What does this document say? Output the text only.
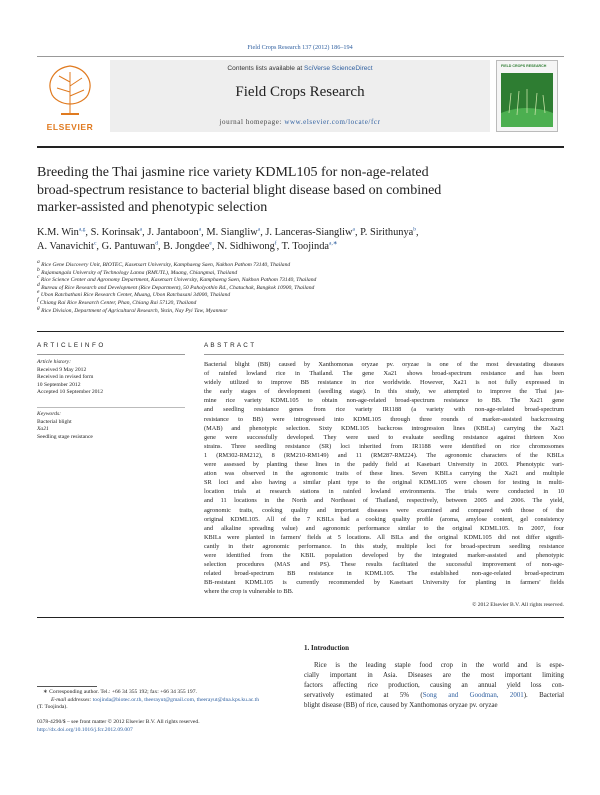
Field Crops Research 137 (2012) 186–194
ELSEVIER
Contents lists available at SciVerse ScienceDirect
Field Crops Research
journal homepage: www.elsevier.com/locate/fcr
FIELD CROPS RESEARCH
Breeding the Thai jasmine rice variety KDML105 for non-age-related
broad-spectrum resistance to bacterial blight disease based on combined
marker-assisted and phenotypic selection
K.M. Win$^{a,g}$, S. Korinsak$^a$, J. Jantaboon$^a$, M. Siangliw$^a$, J. Lanceras-Siangliw$^a$, P. Sirithunya$^b$,
A. Vanavichit$^c$, G. Pantuwan$^d$, B. Jongdee$^e$, N. Sidhiwong$^f$, T. Toojinda$^{a,∗}$
$^a$ Rice Gene Discovery Unit, BIOTEC, Kasetsart University, Kamphaeng Saen, Nakhon Pathom 73140, Thailand
$^b$ Rajamangala University of Technology Lanna (RMUTL), Muang, Chiangmai, Thailand
$^c$ Rice Science Center and Agronomy Department, Kasetsart University, Kamphaeng Saen, Nakhon Pathom 73140, Thailand
$^d$ Bureau of Rice Research and Development (Rice Department), 50 Paholyothin Rd., Chatuchak, Bangkok 10900, Thailand
$^e$ Ubon Ratchathani Rice Research Center, Muang, Ubon Ratchasani 34000, Thailand
$^f$ Chiang Rai Rice Research Center, Phan, Chiang Rai 57120, Thailand
$^g$ Rice Division, Department of Agricultural Research, Yezin, Nay Pyi Taw, Myanmar
A R T I C L E I N F O
Article history:
Received 9 May 2012
Received in revised form
10 September 2012
Accepted 10 September 2012
Keywords:
Bacterial blight
Xa21
Seedling stage resistance
A B S T R A C T
Bacterial blight (BB) caused by Xanthomonas oryzae pv. oryzae is one of the most devastating diseases
of rainfed lowland rice in Thailand. The gene Xa21 shows broad-spectrum resistance and has been
widely utilized to improve BB resistance in rice worldwide. However, Xa21 is not fully expressed in
the early stages of development (seedling stage). In this study, we attempted to improve the Thai jas-
mine rice variety KDML105 to obtain non-age-related broad-spectrum resistance to BB. The Xa21 gene
and seedling resistance genes from rice variety IR1188 (a variety with non-age-related broad-spectrum
resistance to BB) were introgressed into KDML105 through three rounds of marker-assisted backcrossing
(MAB) and phenotypic selection. Sixty KDML105 backcross introgression lines (KBILs) carrying the Xa21
gene were successfully developed. They were used to evaluate seedling resistance against thirteen Xoo
strains. Three seedling resistance (SR) loci inherited from IR1188 were identified on rice chromosomes
1 (RM302-RM212), 8 (RM210-RM149) and 11 (RM287-RM224). The agronomic characters of the KBILs
were assessed by planting these lines in the paddy field at Kasetsart University in 2003. Phenotypic vari-
ation was observed in the agronomic traits of these lines. Seven KBILs carrying the Xa21 and multiple
SR loci and also having a similar plant type to the original KDML105 were chosen for testing in multi-
location trials at research stations in rainfed lowland environments. The trials were conducted in 10
and 11 locations in the North and Northeast of Thailand, respectively, between 2005 and 2006. The yield,
agronomic traits, cooking quality and important diseases were examined and compared with those of the
original KDML105. All of the 7 KBILs had a cooking quality profile (aroma, amylose content, gel consistency
and alkaline spreading value) and agronomic performance similar to the original KDML105. In 2007, four
KBILs were planted in farmers' fields at 5 locations. All BILs and the original KDML105 did not differ signifi-
cantly in their agronomic performance. In this study, multiple loci for broad-spectrum seedling resistance
were identified from the KBIL population developed by the integrated marker-assisted and phenotypic
selection procedures (MAS and PS). These results facilitated the successful improvement of non-age-
related broad-spectrum BB resistance in KDML105. The established non-age-related broad-spectrum
BB-resistant KDML105 is currently recommended by Kasetsart University for planting in farmers' fields
where the crop is vulnerable to BB.
© 2012 Elsevier B.V. All rights reserved.
1. Introduction
Rice is the leading staple food crop in the world and is espe-
cially important in Asia. Diseases are the most important limiting
factors affecting rice production, causing an annual yield loss con-
servatively estimated at 5% (Song and Goodman, 2001). Bacterial
blight disease (BB) of rice, caused by Xanthomonas oryzae pv. oryzae
∗ Corresponding author. Tel.: +66 34 355 192; fax: +66 34 355 197.
E-mail addresses: toojinda@biotec.or.th, theerayut@gmail.com, theerayut@dna.kps.ku.ac.th
(T. Toojinda).
0378-4290/$ – see front matter © 2012 Elsevier B.V. All rights reserved.
http://dx.doi.org/10.1016/j.fcr.2012.09.007
